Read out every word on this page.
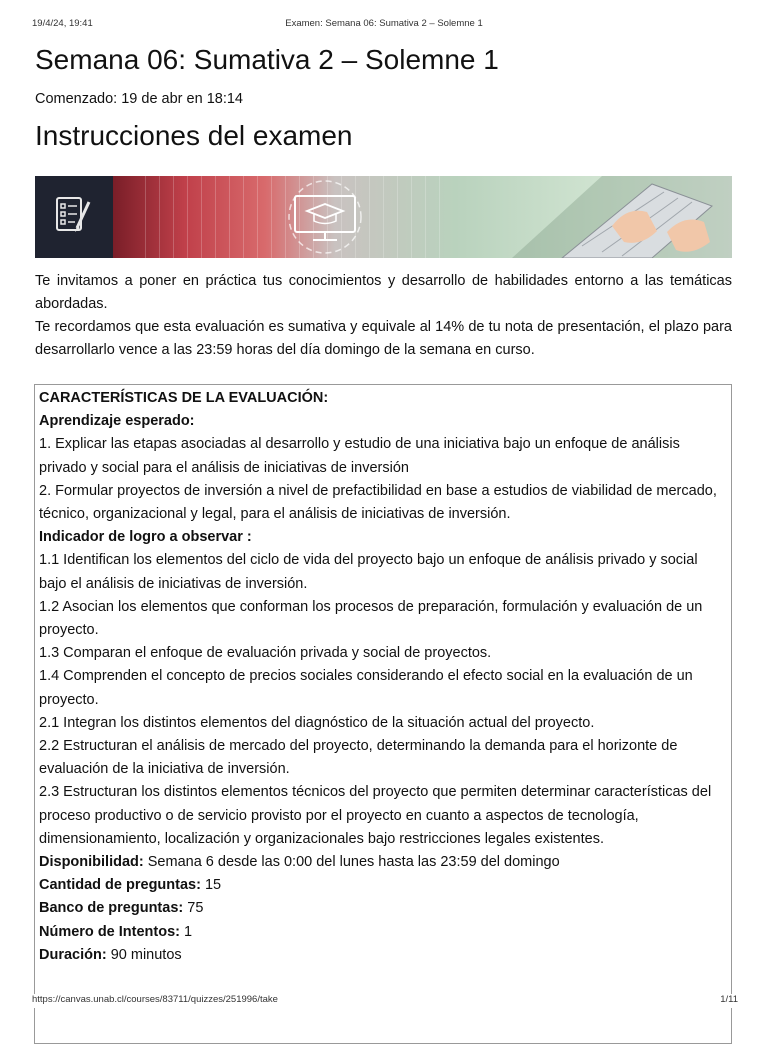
19/4/24, 19:41	Examen: Semana 06: Sumativa 2 – Solemne 1
Semana 06: Sumativa 2 – Solemne 1
Comenzado: 19 de abr en 18:14
Instrucciones del examen

Te invitamos a poner en práctica tus conocimientos y desarrollo de habilidades entorno a las temáticas abordadas.

Te recordamos que esta evaluación es sumativa y equivale al 14% de tu nota de presentación, el plazo para desarrollarlo vence a las 23:59 horas del día domingo de la semana en curso.

CARACTERÍSTICAS DE LA EVALUACIÓN:

Aprendizaje esperado:

1. Explicar las etapas asociadas al desarrollo y estudio de una iniciativa bajo un enfoque de análisis privado y social para el análisis de iniciativas de inversión

2. Formular proyectos de inversión a nivel de prefactibilidad en base a estudios de viabilidad de mercado, técnico, organizacional y legal, para el análisis de iniciativas de inversión.

Indicador de logro a observar :

1.1 Identifican los elementos del ciclo de vida del proyecto bajo un enfoque de análisis privado y social bajo el análisis de iniciativas de inversión.

1.2 Asocian los elementos que conforman los procesos de preparación, formulación y evaluación de un proyecto.

1.3 Comparan el enfoque de evaluación privada y social de proyectos.

1.4 Comprenden el concepto de precios sociales considerando el efecto social en la evaluación de un proyecto.

2.1 Integran los distintos elementos del diagnóstico de la situación actual del proyecto.

2.2 Estructuran el análisis de mercado del proyecto, determinando la demanda para el horizonte de evaluación de la iniciativa de inversión.

2.3 Estructuran los distintos elementos técnicos del proyecto que permiten determinar características del proceso productivo o de servicio provisto por el proyecto en cuanto a aspectos de tecnología, dimensionamiento, localización y organizacionales bajo restricciones legales existentes.

Disponibilidad: Semana 6 desde las 0:00 del lunes hasta las 23:59 del domingo

Cantidad de preguntas: 15

Banco de preguntas: 75

Número de Intentos: 1

Duración: 90 minutos

https://canvas.unab.cl/courses/83711/quizzes/251996/take	1/11
